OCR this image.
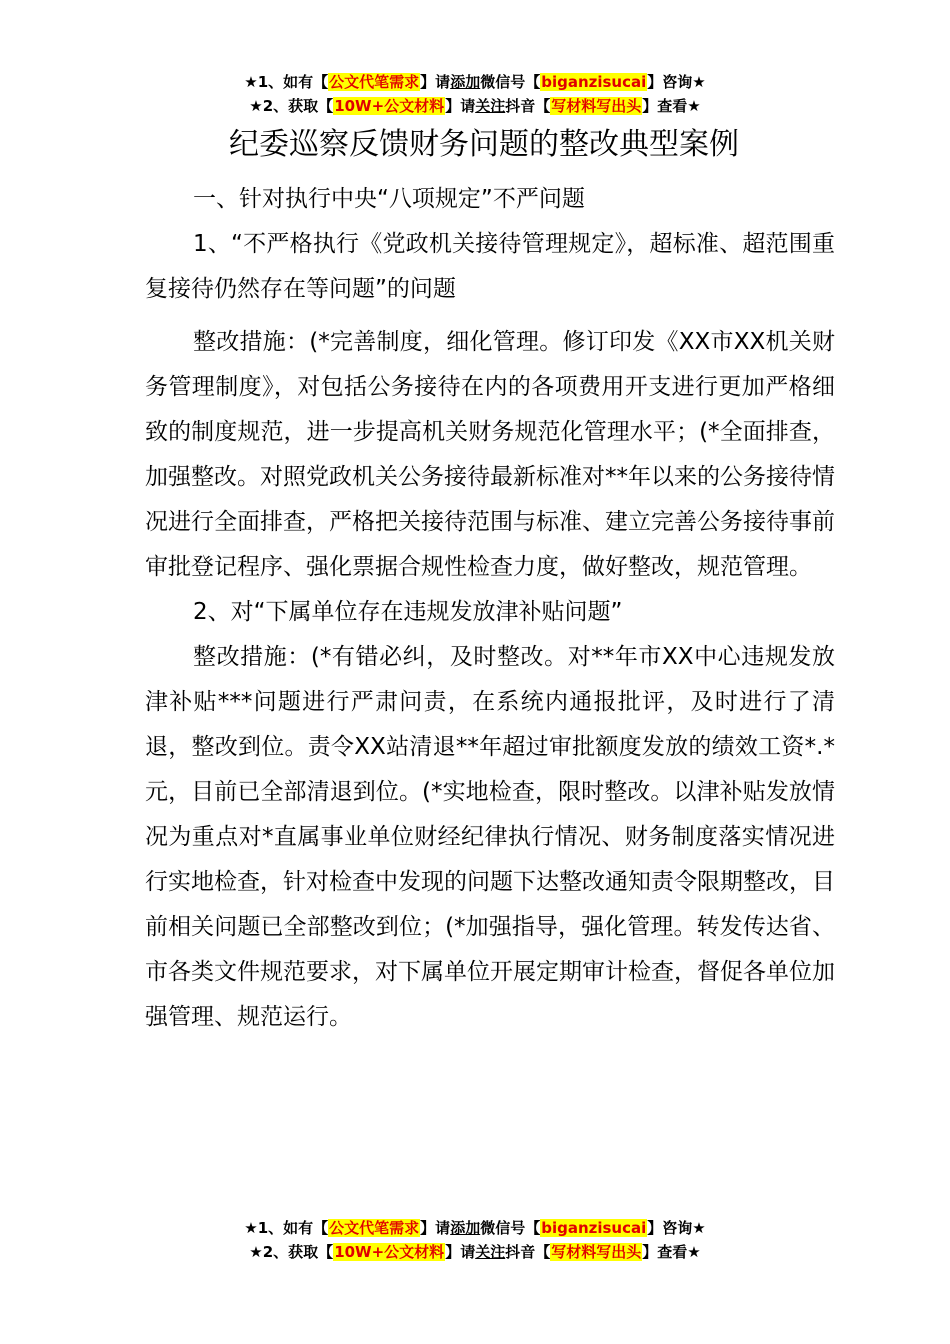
★1、如有【公文代笔需求】请添加微信号【biganzisucai】咨询★
★2、获取【10W+公文材料】请关注抖音【写材料写出头】查看★
纪委巡察反馈财务问题的整改典型案例

一、针对执行中央“八项规定”不严问题

1、“不严格执行《党政机关接待管理规定》，超标准、超范围重复接待仍然存在等问题”的问题

整改措施：(*完善制度，细化管理。修订印发《XX市XX机关财务管理制度》，对包括公务接待在内的各项费用开支进行更加严格细致的制度规范，进一步提高机关财务规范化管理水平；(*全面排查，加强整改。对照党政机关公务接待最新标准对**年以来的公务接待情况进行全面排查，严格把关接待范围与标准、建立完善公务接待事前审批登记程序、强化票据合规性检查力度，做好整改，规范管理。

2、对“下属单位存在违规发放津补贴问题”

整改措施：(*有错必纠，及时整改。对**年市XX中心违规发放津补贴***问题进行严肃问责，在系统内通报批评，及时进行了清退，整改到位。责令XX站清退**年超过审批额度发放的绩效工资*.*元，目前已全部清退到位。(*实地检查，限时整改。以津补贴发放情况为重点对*直属事业单位财经纪律执行情况、财务制度落实情况进行实地检查，针对检查中发现的问题下达整改通知责令限期整改，目前相关问题已全部整改到位；(*加强指导，强化管理。转发传达省、市各类文件规范要求，对下属单位开展定期审计检查，督促各单位加强管理、规范运行。

★1、如有【公文代笔需求】请添加微信号【biganzisucai】咨询★
★2、获取【10W+公文材料】请关注抖音【写材料写出头】查看★
